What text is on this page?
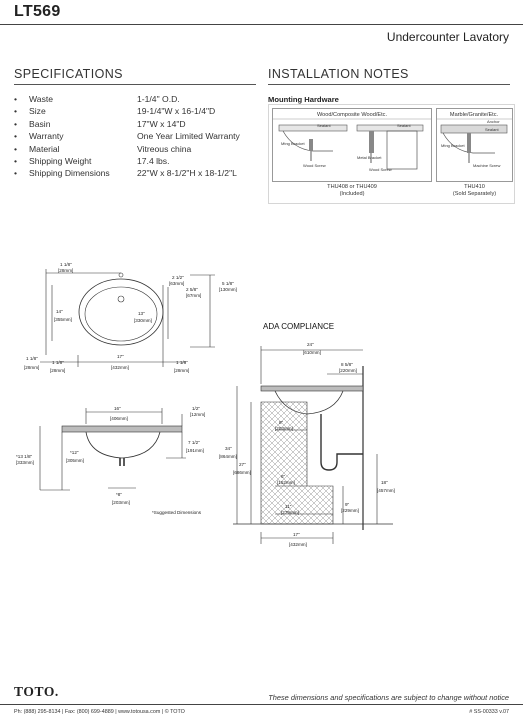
LT569
Undercounter Lavatory
SPECIFICATIONS	INSTALLATION NOTES
•	Waste	1-1/4" O.D.
•	Size	19-1/4"W x 16-1/4"D
•	Basin	17"W x 14"D
•	Warranty	One Year Limited Warranty
•	Material	Vitreous china
•	Shipping Weight	17.4 lbs.
•	Shipping Dimensions	22"W x 8-1/2"H x 18-1/2"L
Mounting Hardware
Wood/Composite Wood/Etc.
Sealant
Mtng Bracket
Wood Screw
Sealant
Metal Bracket
Wood Screw
Marble/Granite/Etc.
Anchor
Sealant
Mtng Bracket
Machine Screw
THU408 or THU409
(Included)
THU410
(Sold Separately)
1 1/8"
[28mm]
2 1/2"
[63mm]
2 5/8"
[67mm]
5 1/8"
[130mm]
14"
[355mm]
13"
[330mm]
17"
[432mm]
1 1/8"
[28mm]
1 1/8"
[28mm]
1 1/8"
[28mm]
16"
[406mm]
1/2"
[12mm]
7 1/2"
[191mm]
*13 1/8"
[333mm]
*12"
[305mm]
*8"
[203mm]
*Suggested Dimensions
ADA COMPLIANCE
24"
[610mm]
8 5/8"
[220mm]
34"
[864mm]
27"
[686mm]
8"
[203mm]
6"
[152mm]
11"
[279mm]
9"
[229mm]
18"
[457mm]
17"
[432mm]
TOTO.	These dimensions and specifications are subject to change without notice
Ph: (888) 295-8134 | Fax: (800) 699-4889 | www.totousa.com | © TOTO	# SS-00333 v.07
